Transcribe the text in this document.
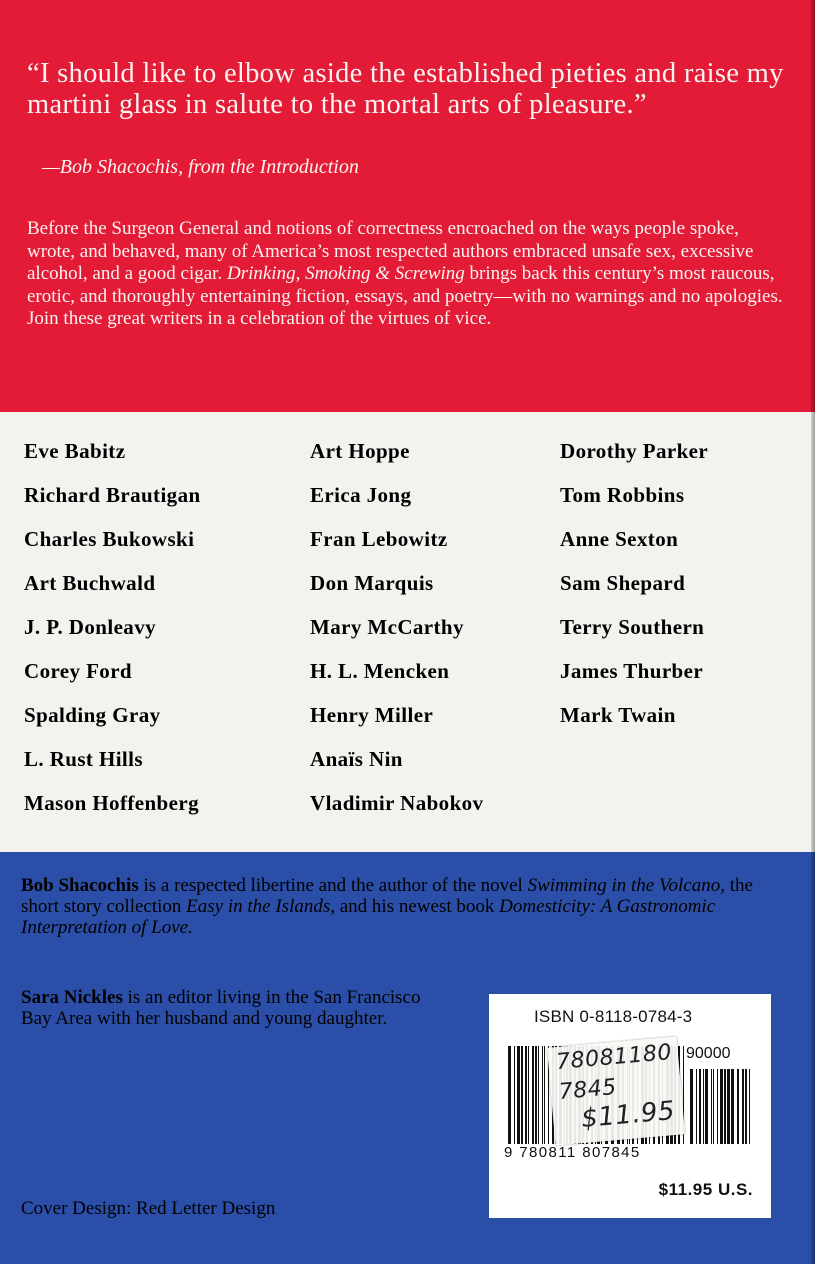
“I should like to elbow aside the established pieties and raise my martini glass in salute to the mortal arts of pleasure.”

—Bob Shacochis, from the Introduction

Before the Surgeon General and notions of correctness encroached on the ways people spoke, wrote, and behaved, many of America’s most respected authors embraced unsafe sex, excessive alcohol, and a good cigar. Drinking, Smoking & Screwing brings back this century’s most raucous, erotic, and thoroughly entertaining fiction, essays, and poetry—with no warnings and no apologies. Join these great writers in a celebration of the virtues of vice.

Eve Babitz
Richard Brautigan
Charles Bukowski
Art Buchwald
J. P. Donleavy
Corey Ford
Spalding Gray
L. Rust Hills
Mason Hoffenberg
Art Hoppe
Erica Jong
Fran Lebowitz
Don Marquis
Mary McCarthy
H. L. Mencken
Henry Miller
Anaïs Nin
Vladimir Nabokov
Dorothy Parker
Tom Robbins
Anne Sexton
Sam Shepard
Terry Southern
James Thurber
Mark Twain

Bob Shacochis is a respected libertine and the author of the novel Swimming in the Volcano, the short story collection Easy in the Islands, and his newest book Domesticity: A Gastronomic Interpretation of Love.

Sara Nickles is an editor living in the San Francisco Bay Area with her husband and young daughter.

Cover Design: Red Letter Design

ISBN 0-8118-0784-3
90000
9 780811 807845
$11.95 U.S.
78081180
7845
$11.95
